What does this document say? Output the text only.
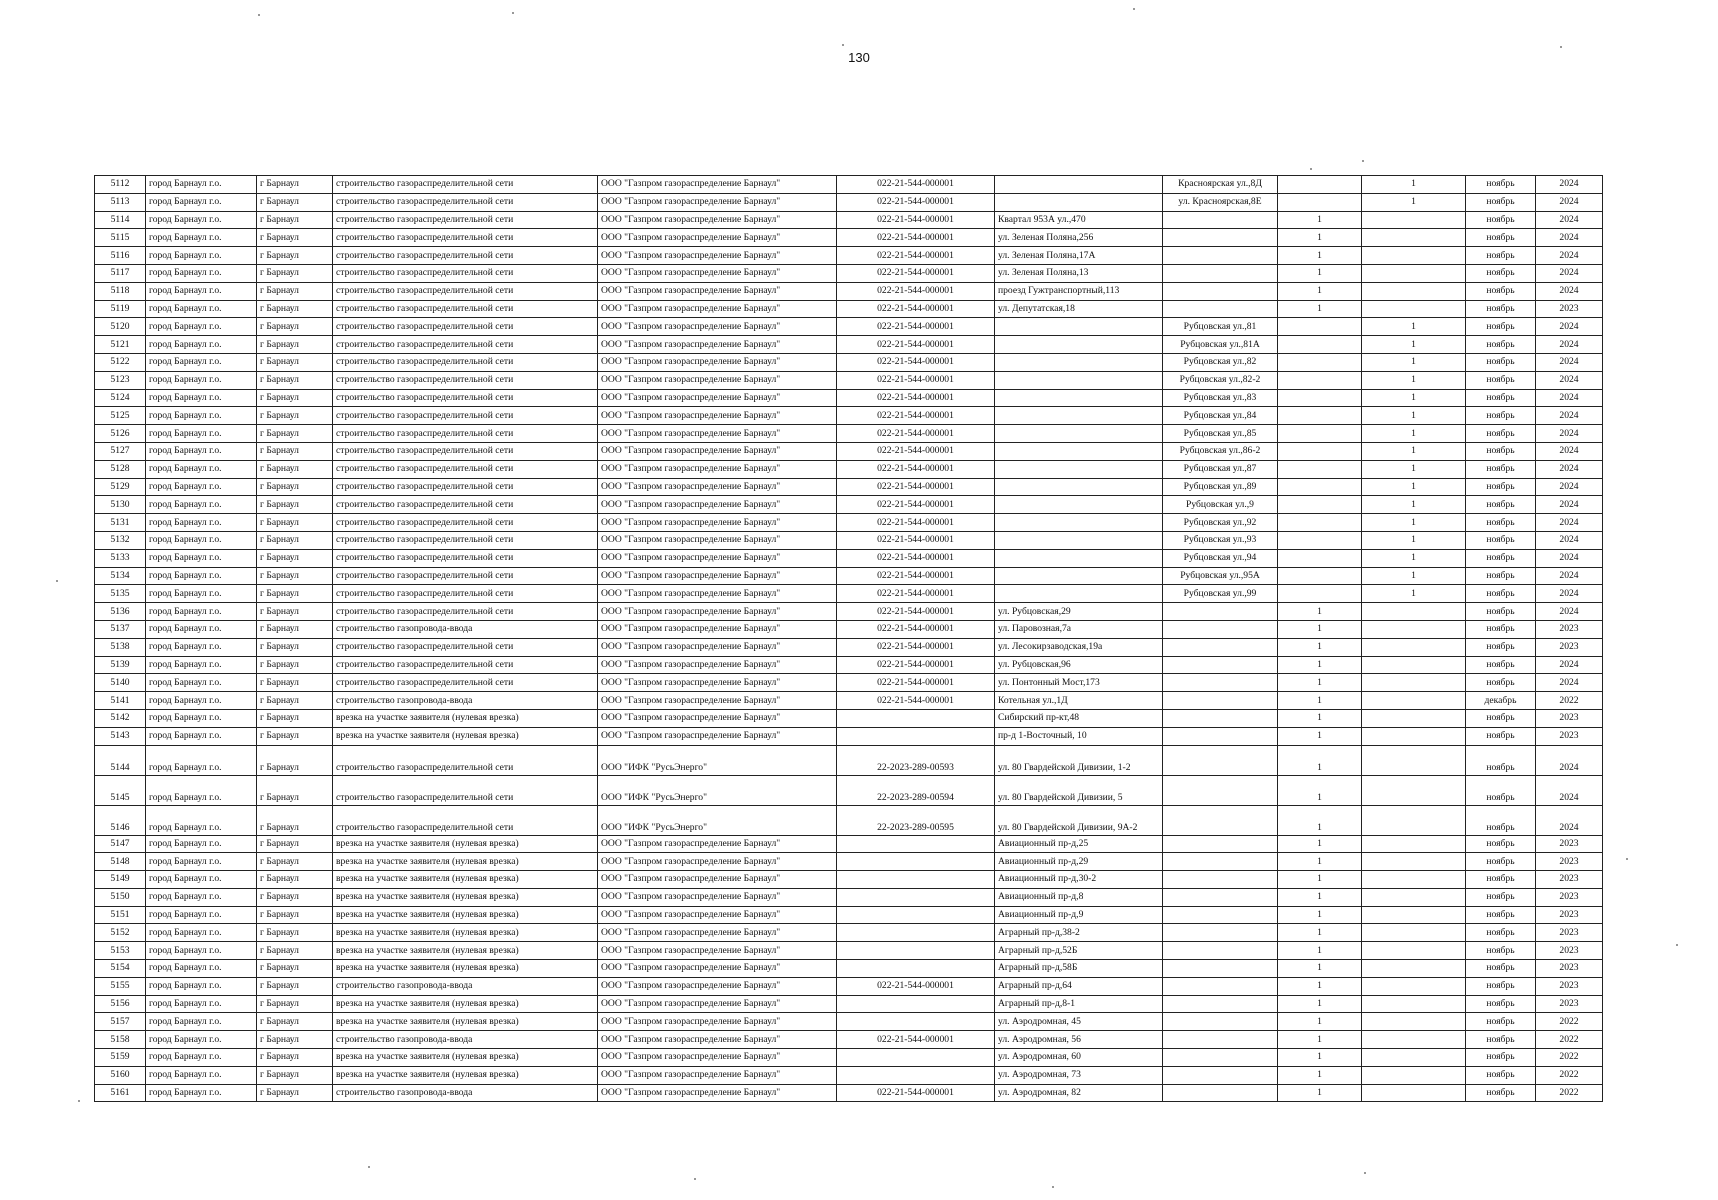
130
5112	город Барнаул г.о.	г Барнаул	строительство газораспределительной сети	ООО "Газпром газораспределение Барнаул"	022-21-544-000001		Красноярская ул.,8Д		1	ноябрь	2024
5113	город Барнаул г.о.	г Барнаул	строительство газораспределительной сети	ООО "Газпром газораспределение Барнаул"	022-21-544-000001		ул. Красноярская,8Е		1	ноябрь	2024
5114	город Барнаул г.о.	г Барнаул	строительство газораспределительной сети	ООО "Газпром газораспределение Барнаул"	022-21-544-000001	Квартал 953А ул.,470		1		ноябрь	2024
5115	город Барнаул г.о.	г Барнаул	строительство газораспределительной сети	ООО "Газпром газораспределение Барнаул"	022-21-544-000001	ул. Зеленая Поляна,256		1		ноябрь	2024
5116	город Барнаул г.о.	г Барнаул	строительство газораспределительной сети	ООО "Газпром газораспределение Барнаул"	022-21-544-000001	ул. Зеленая Поляна,17А		1		ноябрь	2024
5117	город Барнаул г.о.	г Барнаул	строительство газораспределительной сети	ООО "Газпром газораспределение Барнаул"	022-21-544-000001	ул. Зеленая Поляна,13		1		ноябрь	2024
5118	город Барнаул г.о.	г Барнаул	строительство газораспределительной сети	ООО "Газпром газораспределение Барнаул"	022-21-544-000001	проезд Гужтранспортный,113		1		ноябрь	2024
5119	город Барнаул г.о.	г Барнаул	строительство газораспределительной сети	ООО "Газпром газораспределение Барнаул"	022-21-544-000001	ул. Депутатская,18		1		ноябрь	2023
5120	город Барнаул г.о.	г Барнаул	строительство газораспределительной сети	ООО "Газпром газораспределение Барнаул"	022-21-544-000001		Рубцовская ул.,81		1	ноябрь	2024
5121	город Барнаул г.о.	г Барнаул	строительство газораспределительной сети	ООО "Газпром газораспределение Барнаул"	022-21-544-000001		Рубцовская ул.,81А		1	ноябрь	2024
5122	город Барнаул г.о.	г Барнаул	строительство газораспределительной сети	ООО "Газпром газораспределение Барнаул"	022-21-544-000001		Рубцовская ул.,82		1	ноябрь	2024
5123	город Барнаул г.о.	г Барнаул	строительство газораспределительной сети	ООО "Газпром газораспределение Барнаул"	022-21-544-000001		Рубцовская ул.,82-2		1	ноябрь	2024
5124	город Барнаул г.о.	г Барнаул	строительство газораспределительной сети	ООО "Газпром газораспределение Барнаул"	022-21-544-000001		Рубцовская ул.,83		1	ноябрь	2024
5125	город Барнаул г.о.	г Барнаул	строительство газораспределительной сети	ООО "Газпром газораспределение Барнаул"	022-21-544-000001		Рубцовская ул.,84		1	ноябрь	2024
5126	город Барнаул г.о.	г Барнаул	строительство газораспределительной сети	ООО "Газпром газораспределение Барнаул"	022-21-544-000001		Рубцовская ул.,85		1	ноябрь	2024
5127	город Барнаул г.о.	г Барнаул	строительство газораспределительной сети	ООО "Газпром газораспределение Барнаул"	022-21-544-000001		Рубцовская ул.,86-2		1	ноябрь	2024
5128	город Барнаул г.о.	г Барнаул	строительство газораспределительной сети	ООО "Газпром газораспределение Барнаул"	022-21-544-000001		Рубцовская ул.,87		1	ноябрь	2024
5129	город Барнаул г.о.	г Барнаул	строительство газораспределительной сети	ООО "Газпром газораспределение Барнаул"	022-21-544-000001		Рубцовская ул.,89		1	ноябрь	2024
5130	город Барнаул г.о.	г Барнаул	строительство газораспределительной сети	ООО "Газпром газораспределение Барнаул"	022-21-544-000001		Рубцовская ул.,9		1	ноябрь	2024
5131	город Барнаул г.о.	г Барнаул	строительство газораспределительной сети	ООО "Газпром газораспределение Барнаул"	022-21-544-000001		Рубцовская ул.,92		1	ноябрь	2024
5132	город Барнаул г.о.	г Барнаул	строительство газораспределительной сети	ООО "Газпром газораспределение Барнаул"	022-21-544-000001		Рубцовская ул.,93		1	ноябрь	2024
5133	город Барнаул г.о.	г Барнаул	строительство газораспределительной сети	ООО "Газпром газораспределение Барнаул"	022-21-544-000001		Рубцовская ул.,94		1	ноябрь	2024
5134	город Барнаул г.о.	г Барнаул	строительство газораспределительной сети	ООО "Газпром газораспределение Барнаул"	022-21-544-000001		Рубцовская ул.,95А		1	ноябрь	2024
5135	город Барнаул г.о.	г Барнаул	строительство газораспределительной сети	ООО "Газпром газораспределение Барнаул"	022-21-544-000001		Рубцовская ул.,99		1	ноябрь	2024
5136	город Барнаул г.о.	г Барнаул	строительство газораспределительной сети	ООО "Газпром газораспределение Барнаул"	022-21-544-000001	ул. Рубцовская,29		1		ноябрь	2024
5137	город Барнаул г.о.	г Барнаул	строительство газопровода-ввода	ООО "Газпром газораспределение Барнаул"	022-21-544-000001	ул. Паровозная,7а		1		ноябрь	2023
5138	город Барнаул г.о.	г Барнаул	строительство газораспределительной сети	ООО "Газпром газораспределение Барнаул"	022-21-544-000001	ул. Лесокирзаводская,19а		1		ноябрь	2023
5139	город Барнаул г.о.	г Барнаул	строительство газораспределительной сети	ООО "Газпром газораспределение Барнаул"	022-21-544-000001	ул. Рубцовская,96		1		ноябрь	2024
5140	город Барнаул г.о.	г Барнаул	строительство газораспределительной сети	ООО "Газпром газораспределение Барнаул"	022-21-544-000001	ул. Понтонный Мост,173		1		ноябрь	2024
5141	город Барнаул г.о.	г Барнаул	строительство газопровода-ввода	ООО "Газпром газораспределение Барнаул"	022-21-544-000001	Котельная ул.,1Д		1		декабрь	2022
5142	город Барнаул г.о.	г Барнаул	врезка на участке заявителя (нулевая врезка)	ООО "Газпром газораспределение Барнаул"		Сибирский пр-кт,48		1		ноябрь	2023
5143	город Барнаул г.о.	г Барнаул	врезка на участке заявителя (нулевая врезка)	ООО "Газпром газораспределение Барнаул"		пр-д 1-Восточный, 10		1		ноябрь	2023
5144	город Барнаул г.о.	г Барнаул	строительство газораспределительной сети	ООО "ИФК "РусьЭнерго"	22-2023-289-00593	ул. 80 Гвардейской Дивизии, 1-2		1		ноябрь	2024
5145	город Барнаул г.о.	г Барнаул	строительство газораспределительной сети	ООО "ИФК "РусьЭнерго"	22-2023-289-00594	ул. 80 Гвардейской Дивизии, 5		1		ноябрь	2024
5146	город Барнаул г.о.	г Барнаул	строительство газораспределительной сети	ООО "ИФК "РусьЭнерго"	22-2023-289-00595	ул. 80 Гвардейской Дивизии, 9А-2		1		ноябрь	2024
5147	город Барнаул г.о.	г Барнаул	врезка на участке заявителя (нулевая врезка)	ООО "Газпром газораспределение Барнаул"		Авиационный пр-д,25		1		ноябрь	2023
5148	город Барнаул г.о.	г Барнаул	врезка на участке заявителя (нулевая врезка)	ООО "Газпром газораспределение Барнаул"		Авиационный пр-д,29		1		ноябрь	2023
5149	город Барнаул г.о.	г Барнаул	врезка на участке заявителя (нулевая врезка)	ООО "Газпром газораспределение Барнаул"		Авиационный пр-д,30-2		1		ноябрь	2023
5150	город Барнаул г.о.	г Барнаул	врезка на участке заявителя (нулевая врезка)	ООО "Газпром газораспределение Барнаул"		Авиационный пр-д,8		1		ноябрь	2023
5151	город Барнаул г.о.	г Барнаул	врезка на участке заявителя (нулевая врезка)	ООО "Газпром газораспределение Барнаул"		Авиационный пр-д,9		1		ноябрь	2023
5152	город Барнаул г.о.	г Барнаул	врезка на участке заявителя (нулевая врезка)	ООО "Газпром газораспределение Барнаул"		Аграрный пр-д,38-2		1		ноябрь	2023
5153	город Барнаул г.о.	г Барнаул	врезка на участке заявителя (нулевая врезка)	ООО "Газпром газораспределение Барнаул"		Аграрный пр-д,52Б		1		ноябрь	2023
5154	город Барнаул г.о.	г Барнаул	врезка на участке заявителя (нулевая врезка)	ООО "Газпром газораспределение Барнаул"		Аграрный пр-д,58Б		1		ноябрь	2023
5155	город Барнаул г.о.	г Барнаул	строительство газопровода-ввода	ООО "Газпром газораспределение Барнаул"	022-21-544-000001	Аграрный пр-д,64		1		ноябрь	2023
5156	город Барнаул г.о.	г Барнаул	врезка на участке заявителя (нулевая врезка)	ООО "Газпром газораспределение Барнаул"		Аграрный пр-д,8-1		1		ноябрь	2023
5157	город Барнаул г.о.	г Барнаул	врезка на участке заявителя (нулевая врезка)	ООО "Газпром газораспределение Барнаул"		ул. Аэродромная, 45		1		ноябрь	2022
5158	город Барнаул г.о.	г Барнаул	строительство газопровода-ввода	ООО "Газпром газораспределение Барнаул"	022-21-544-000001	ул. Аэродромная, 56		1		ноябрь	2022
5159	город Барнаул г.о.	г Барнаул	врезка на участке заявителя (нулевая врезка)	ООО "Газпром газораспределение Барнаул"		ул. Аэродромная, 60		1		ноябрь	2022
5160	город Барнаул г.о.	г Барнаул	врезка на участке заявителя (нулевая врезка)	ООО "Газпром газораспределение Барнаул"		ул. Аэродромная, 73		1		ноябрь	2022
5161	город Барнаул г.о.	г Барнаул	строительство газопровода-ввода	ООО "Газпром газораспределение Барнаул"	022-21-544-000001	ул. Аэродромная, 82		1		ноябрь	2022
